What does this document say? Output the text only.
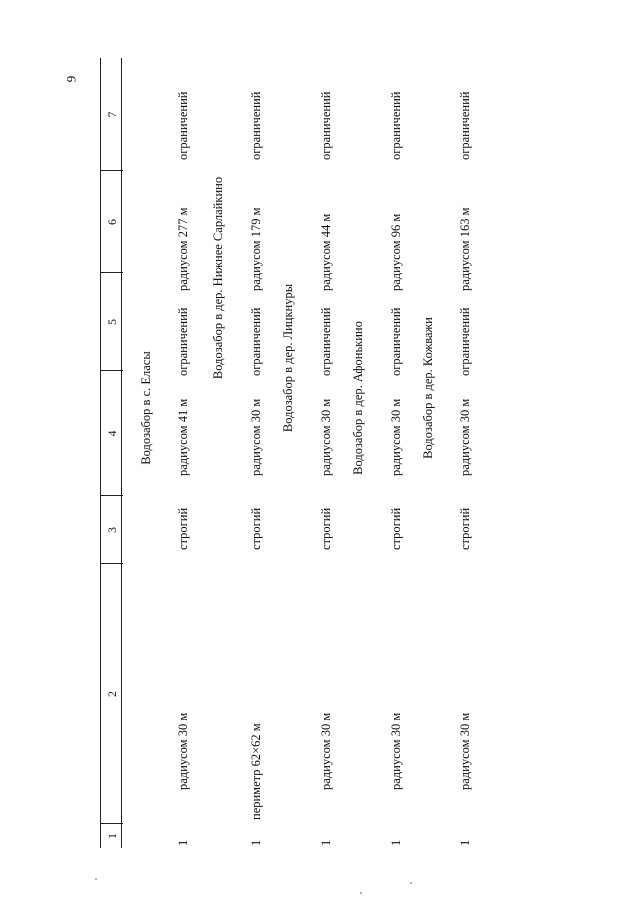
9
1
2
3
4
5
6
7
Водозабор в с. Еласы
1
радиусом 30 м
строгий
радиусом 41 м
ограничений
радиусом 277 м
ограничений
Водозабор в дер. Нижнее Сарлайкино
1
периметр 62×62 м
строгий
радиусом 30 м
ограничений
радиусом 179 м
ограничений
Водозабор в дер. Лицкнуры
1
радиусом 30 м
строгий
радиусом 30 м
ограничений
радиусом 44 м
ограничений
Водозабор в дер. Афонькино
1
радиусом 30 м
строгий
радиусом 30 м
ограничений
радиусом 96 м
ограничений
Водозабор в дер. Кожважи
1
радиусом 30 м
строгий
радиусом 30 м
ограничений
радиусом 163 м
ограничений
